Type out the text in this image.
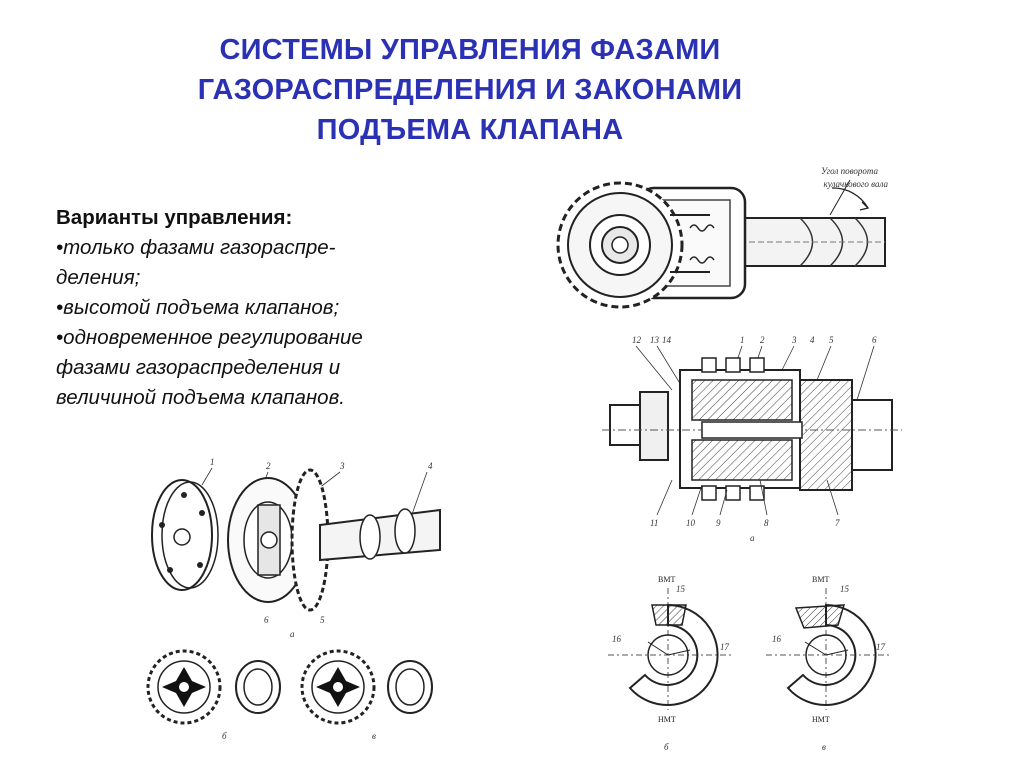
СИСТЕМЫ УПРАВЛЕНИЯ ФАЗАМИ
ГАЗОРАСПРЕДЕЛЕНИЯ И ЗАКОНАМИ
ПОДЪЕМА КЛАПАНА
Варианты управления:
•только фазами газораспре-
деления;
•высотой подъема клапанов;
•одновременное регулирование
фазами газораспределения и
величиной подъема клапанов.
Угол поворота
кулачкового вала
12 13 14	1 2	3 4 5	6
11	10 9	8	7
а
1	2	3	4
6	5
а
б	в
ВМТ
15
16
17
НМТ
б
ВМТ
15
16
17
НМТ
в
